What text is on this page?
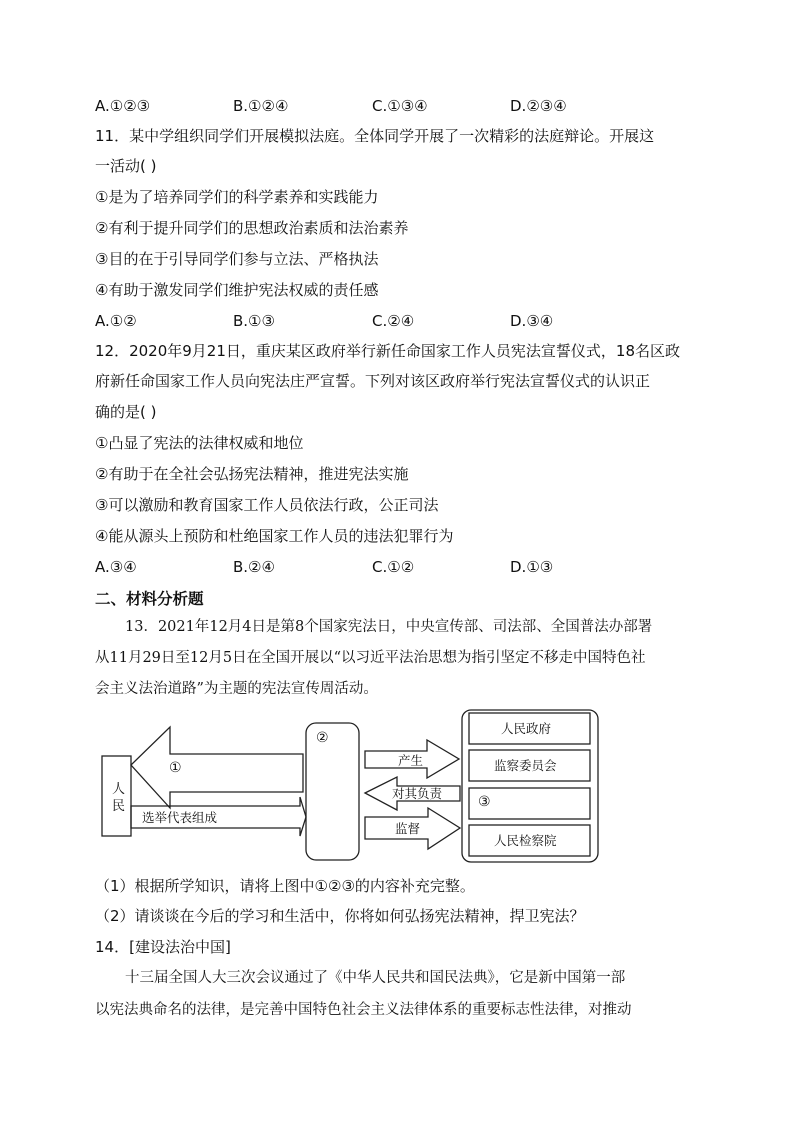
A.①②③	B.①②④	C.①③④	D.②③④
11．某中学组织同学们开展模拟法庭。全体同学开展了一次精彩的法庭辩论。开展这
一活动( )
①是为了培养同学们的科学素养和实践能力
②有利于提升同学们的思想政治素质和法治素养
③目的在于引导同学们参与立法、严格执法
④有助于激发同学们维护宪法权威的责任感
A.①②	B.①③	C.②④	D.③④
12．2020年9月21日，重庆某区政府举行新任命国家工作人员宪法宣誓仪式，18名区政
府新任命国家工作人员向宪法庄严宣誓。下列对该区政府举行宪法宣誓仪式的认识正
确的是( )
①凸显了宪法的法律权威和地位
②有助于在全社会弘扬宪法精神，推进宪法实施
③可以激励和教育国家工作人员依法行政，公正司法
④能从源头上预防和杜绝国家工作人员的违法犯罪行为
A.③④	B.②④	C.①②	D.①③
二、材料分析题
13．2021年12月4日是第8个国家宪法日，中央宣传部、司法部、全国普法办部署
从11月29日至12月5日在全国开展以“以习近平法治思想为指引坚定不移走中国特色社
会主义法治道路”为主题的宪法宣传周活动。
人
民
①
②
③
选举代表组成
产生
对其负责
监督
人民政府
监察委员会
人民检察院
（1）根据所学知识，请将上图中①②③的内容补充完整。
（2）请谈谈在今后的学习和生活中，你将如何弘扬宪法精神，捍卫宪法？
14．[建设法治中国]
十三届全国人大三次会议通过了《中华人民共和国民法典》，它是新中国第一部
以宪法典命名的法律，是完善中国特色社会主义法律体系的重要标志性法律，对推动
